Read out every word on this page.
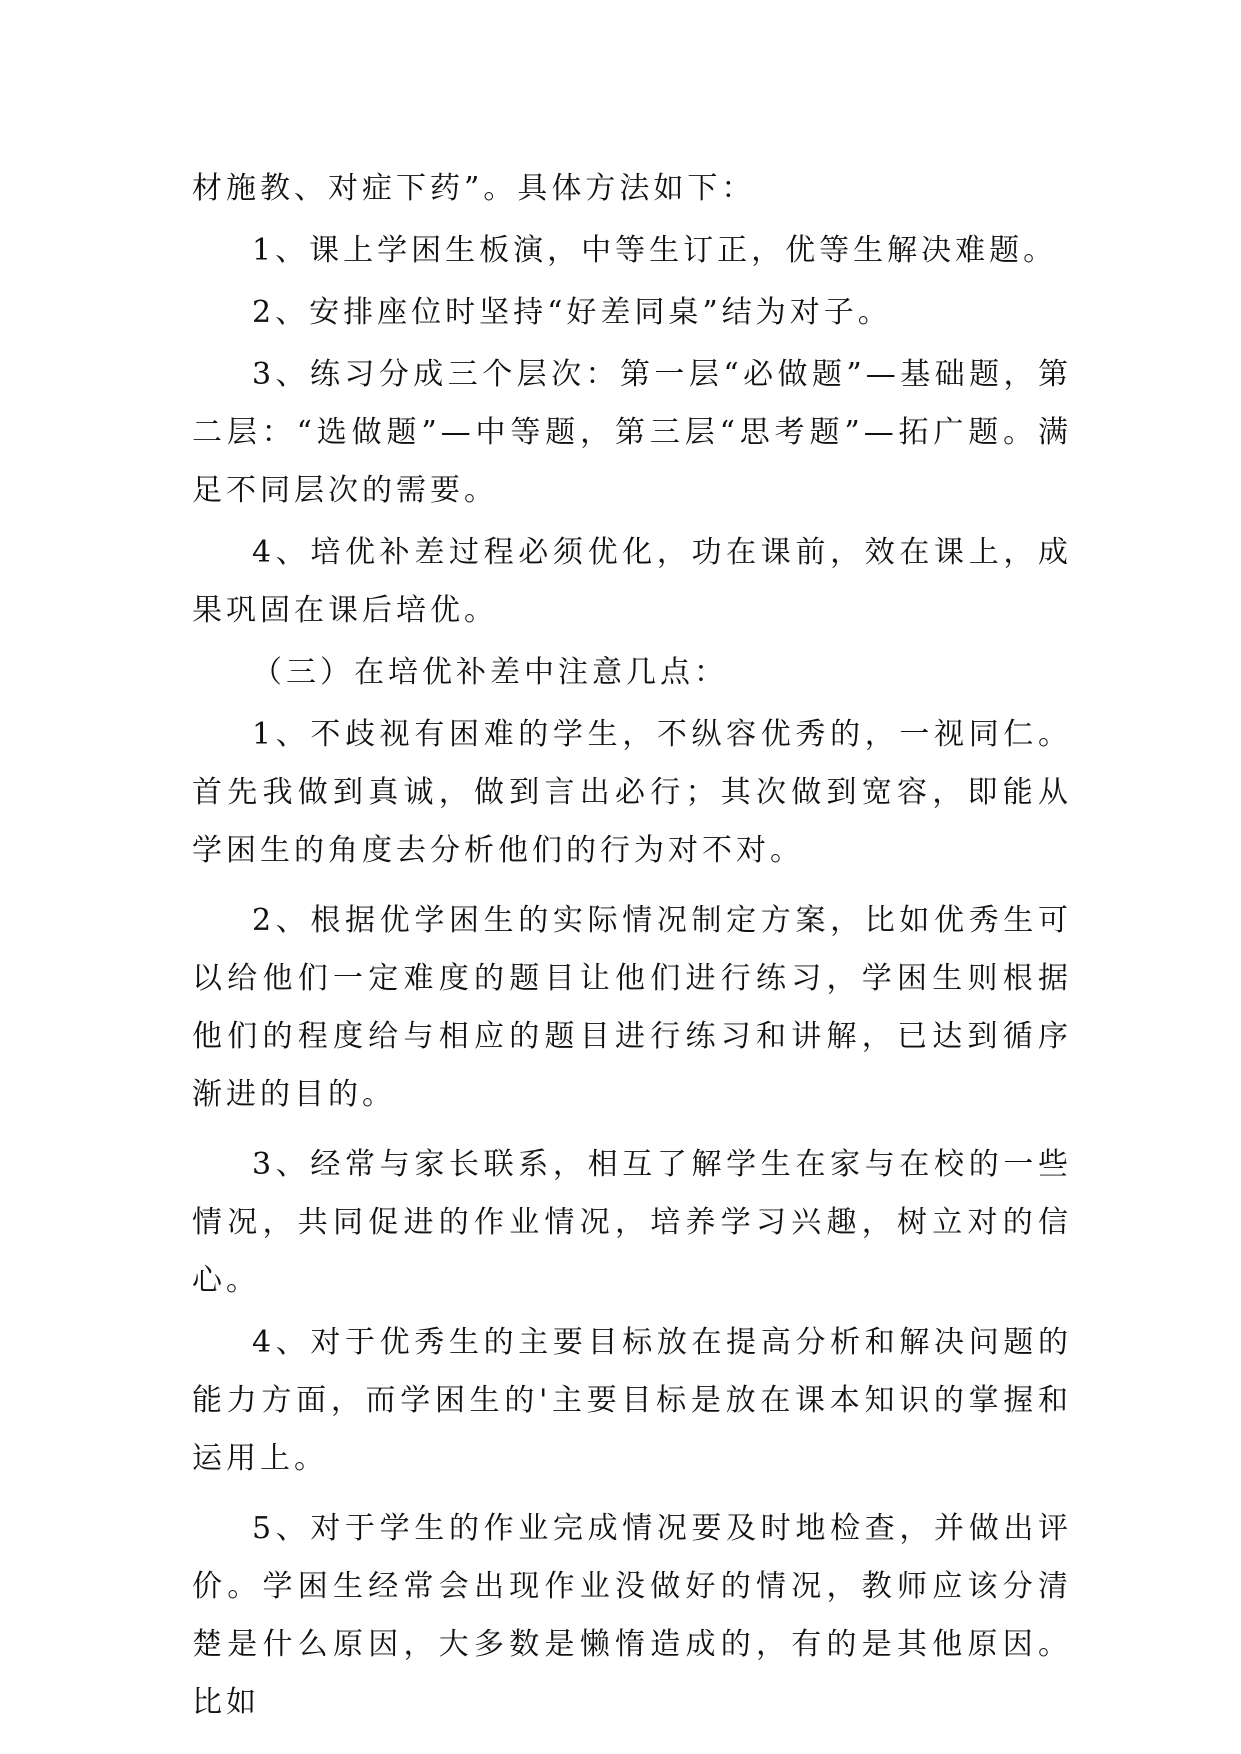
材施教、对症下药”。具体方法如下：

1、课上学困生板演，中等生订正，优等生解决难题。

2、安排座位时坚持“好差同桌”结为对子。

3、练习分成三个层次：第一层“必做题”—基础题，第二层：“选做题”—中等题，第三层“思考题”—拓广题。满足不同层次的需要。

4、培优补差过程必须优化，功在课前，效在课上，成果巩固在课后培优。

（三）在培优补差中注意几点：

1、不歧视有困难的学生，不纵容优秀的，一视同仁。首先我做到真诚，做到言出必行；其次做到宽容，即能从学困生的角度去分析他们的行为对不对。

2、根据优学困生的实际情况制定方案，比如优秀生可以给他们一定难度的题目让他们进行练习，学困生则根据他们的程度给与相应的题目进行练习和讲解，已达到循序渐进的目的。

3、经常与家长联系，相互了解学生在家与在校的一些情况，共同促进的作业情况，培养学习兴趣，树立对的信心。

4、对于优秀生的主要目标放在提高分析和解决问题的能力方面，而学困生的'主要目标是放在课本知识的掌握和运用上。

5、对于学生的作业完成情况要及时地检查，并做出评价。学困生经常会出现作业没做好的情况，教师应该分清楚是什么原因，大多数是懒惰造成的，有的是其他原因。比如
